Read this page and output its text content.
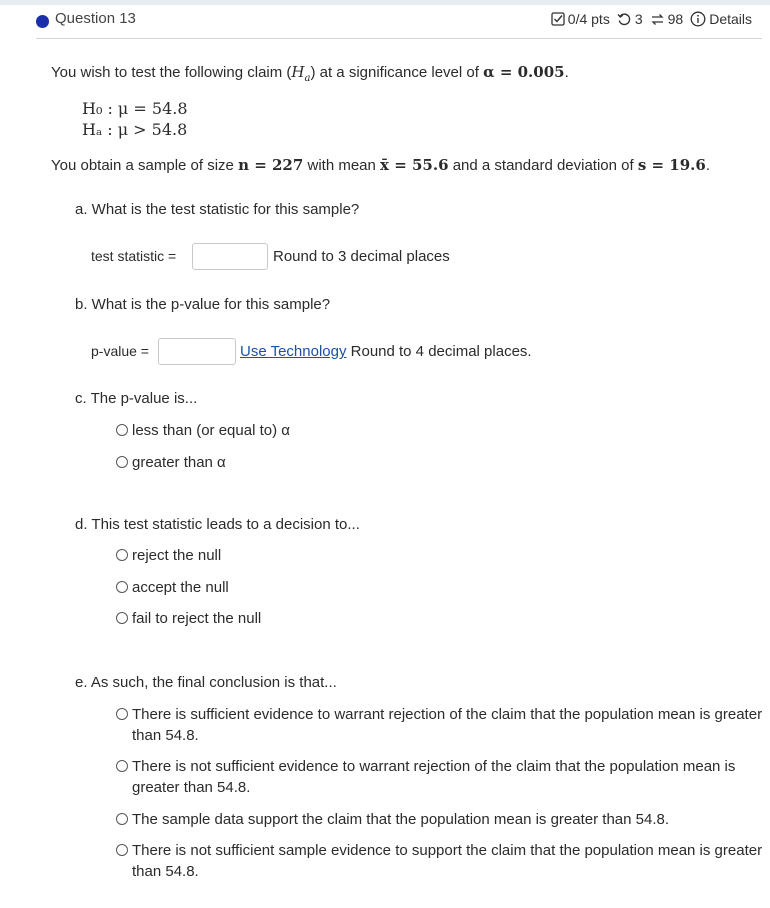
Question 13	0/4 pts 3 98 Details
You wish to test the following claim $(H_a)$ at a significance level of α = 0.005.
H₀ : μ = 54.8
Hₐ : μ > 54.8
You obtain a sample of size n = 227 with mean x̄ = 55.6 and a standard deviation of s = 19.6.
a. What is the test statistic for this sample?
test statistic =	Round to 3 decimal places
b. What is the p-value for this sample?
p-value =	Use Technology Round to 4 decimal places.
c. The p-value is...
less than (or equal to) α
greater than α
d. This test statistic leads to a decision to...
reject the null
accept the null
fail to reject the null
e. As such, the final conclusion is that...
There is sufficient evidence to warrant rejection of the claim that the population mean is greater than 54.8.
There is not sufficient evidence to warrant rejection of the claim that the population mean is greater than 54.8.
The sample data support the claim that the population mean is greater than 54.8.
There is not sufficient sample evidence to support the claim that the population mean is greater than 54.8.
